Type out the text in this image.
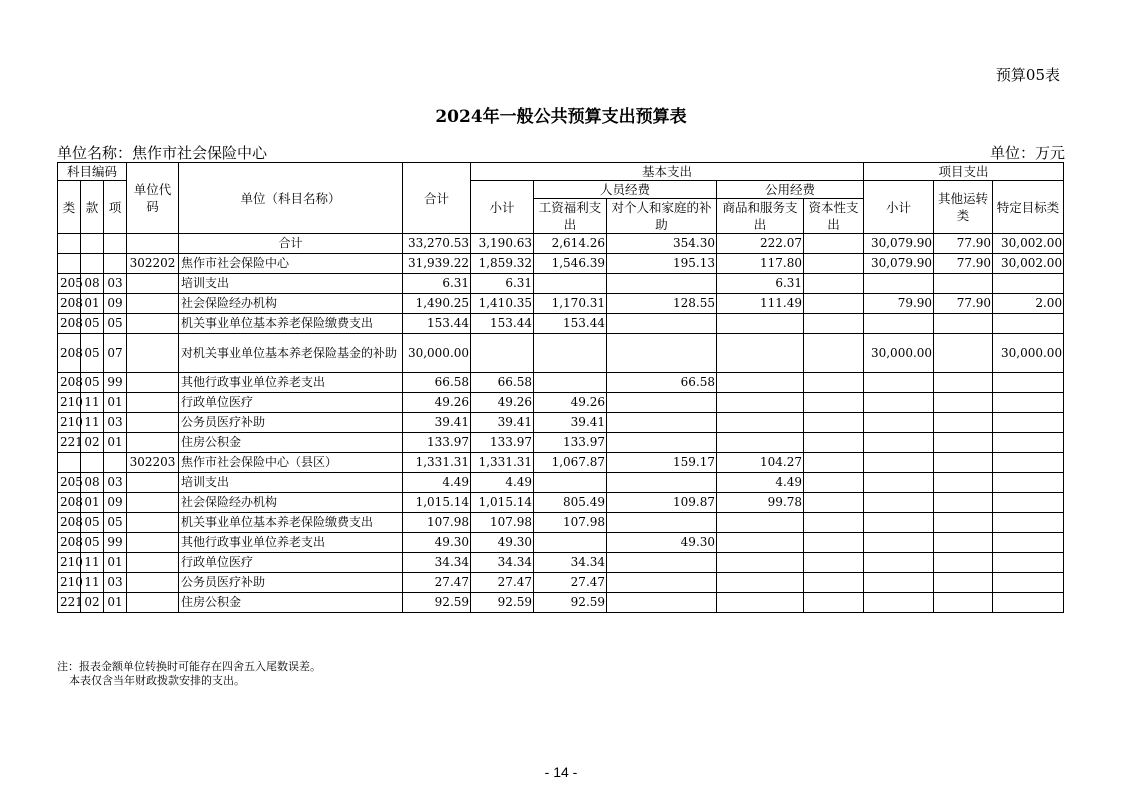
预算05表
2024年一般公共预算支出预算表
单位名称：焦作市社会保险中心	单位：万元
科目编码			单位代码	单位（科目名称）	合计	基本支出					项目支出		
类	款	项				小计	人员经费		公用经费		小计	其他运转类	特定目标类
							工资福利支出	对个人和家庭的补助	商品和服务支出	资本性支出			

				合计	33,270.53	3,190.63	2,614.26	354.30	222.07		30,079.90	77.90	30,002.00
			302202	焦作市社会保险中心	31,939.22	1,859.32	1,546.39	195.13	117.80		30,079.90	77.90	30,002.00
205	08	03		培训支出	6.31	6.31			6.31				
208	01	09		社会保险经办机构	1,490.25	1,410.35	1,170.31	128.55	111.49		79.90	77.90	2.00
208	05	05		机关事业单位基本养老保险缴费支出	153.44	153.44	153.44						
208	05	07		对机关事业单位基本养老保险基金的补助	30,000.00						30,000.00		30,000.00
208	05	99		其他行政事业单位养老支出	66.58	66.58		66.58					
210	11	01		行政单位医疗	49.26	49.26	49.26						
210	11	03		公务员医疗补助	39.41	39.41	39.41						
221	02	01		住房公积金	133.97	133.97	133.97						
			302203	焦作市社会保险中心（县区）	1,331.31	1,331.31	1,067.87	159.17	104.27				
205	08	03		培训支出	4.49	4.49			4.49				
208	01	09		社会保险经办机构	1,015.14	1,015.14	805.49	109.87	99.78				
208	05	05		机关事业单位基本养老保险缴费支出	107.98	107.98	107.98						
208	05	99		其他行政事业单位养老支出	49.30	49.30		49.30					
210	11	01		行政单位医疗	34.34	34.34	34.34						
210	11	03		公务员医疗补助	27.47	27.47	27.47						
221	02	01		住房公积金	92.59	92.59	92.59						
注：报表金额单位转换时可能存在四舍五入尾数误差。
本表仅含当年财政拨款安排的支出。
- 14 -
